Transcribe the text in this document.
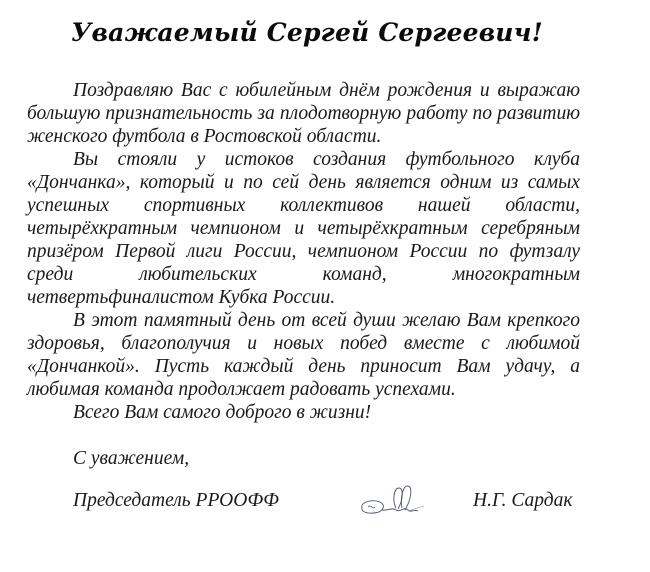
Уважаемый Сергей Сергеевич!

Поздравляю Вас с юбилейным днём рождения и выражаю большую признательность за плодотворную работу по развитию женского футбола в Ростовской области.

Вы стояли у истоков создания футбольного клуба «Дончанка», который и по сей день является одним из самых успешных спортивных коллективов нашей области, четырёхкратным чемпионом и четырёхкратным серебряным призёром Первой лиги России, чемпионом России по футзалу среди любительских команд, многократным четвертьфиналистом Кубка России.

В этот памятный день от всей души желаю Вам крепкого здоровья, благополучия и новых побед вместе с любимой «Дончанкой». Пусть каждый день приносит Вам удачу, а любимая команда продолжает радовать успехами.

Всего Вам самого доброго в жизни!

С уважением,
Председатель РРООФФ	Н.Г. Сардак
